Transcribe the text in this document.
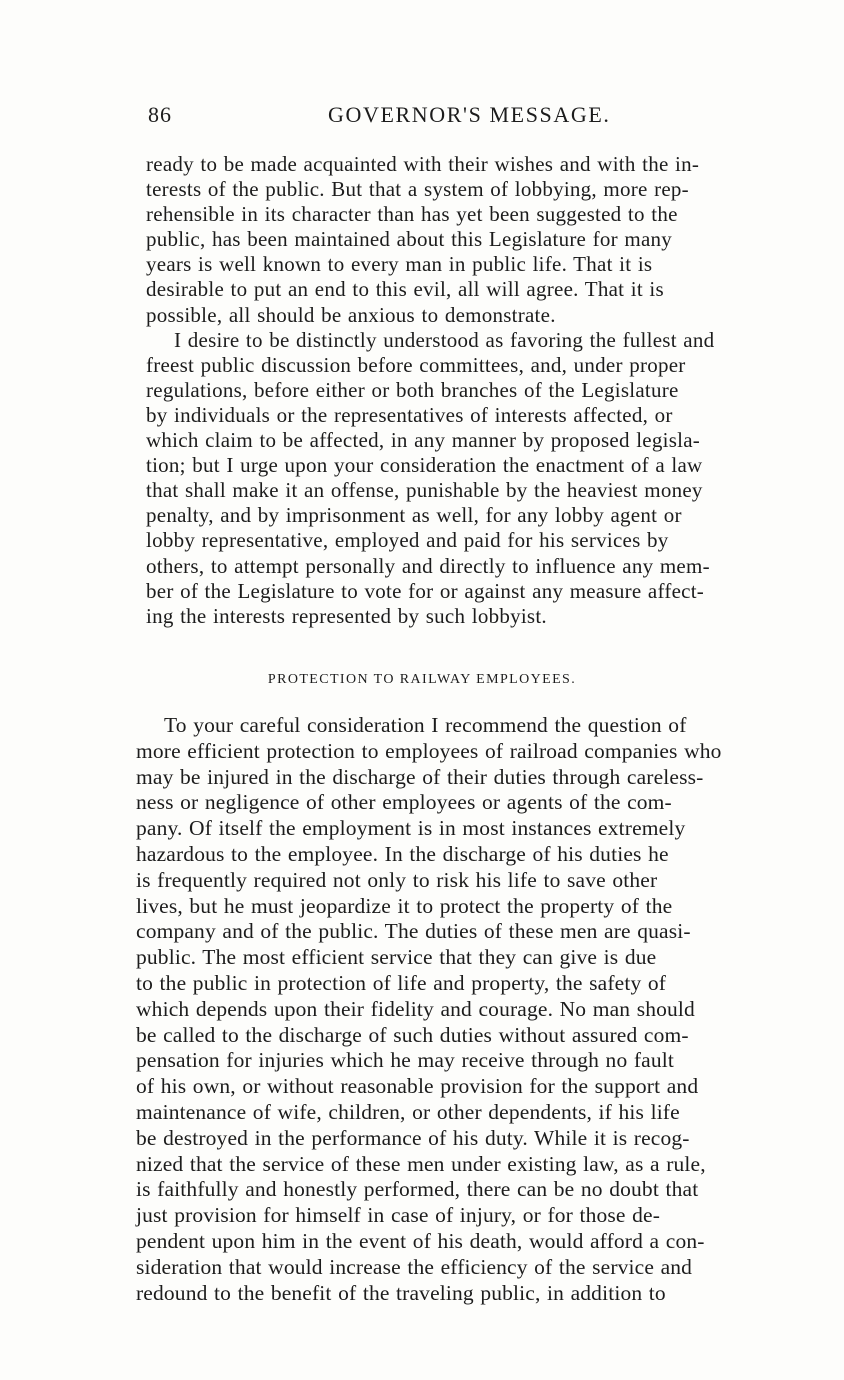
86	GOVERNOR'S MESSAGE.
ready to be made acquainted with their wishes and with the in-
terests of the public. But that a system of lobbying, more rep-
rehensible in its character than has yet been suggested to the
public, has been maintained about this Legislature for many
years is well known to every man in public life. That it is
desirable to put an end to this evil, all will agree. That it is
possible, all should be anxious to demonstrate.
I desire to be distinctly understood as favoring the fullest and
freest public discussion before committees, and, under proper
regulations, before either or both branches of the Legislature
by individuals or the representatives of interests affected, or
which claim to be affected, in any manner by proposed legisla-
tion; but I urge upon your consideration the enactment of a law
that shall make it an offense, punishable by the heaviest money
penalty, and by imprisonment as well, for any lobby agent or
lobby representative, employed and paid for his services by
others, to attempt personally and directly to influence any mem-
ber of the Legislature to vote for or against any measure affect-
ing the interests represented by such lobbyist.
PROTECTION TO RAILWAY EMPLOYEES.
To your careful consideration I recommend the question of
more efficient protection to employees of railroad companies who
may be injured in the discharge of their duties through careless-
ness or negligence of other employees or agents of the com-
pany. Of itself the employment is in most instances extremely
hazardous to the employee. In the discharge of his duties he
is frequently required not only to risk his life to save other
lives, but he must jeopardize it to protect the property of the
company and of the public. The duties of these men are quasi-
public. The most efficient service that they can give is due
to the public in protection of life and property, the safety of
which depends upon their fidelity and courage. No man should
be called to the discharge of such duties without assured com-
pensation for injuries which he may receive through no fault
of his own, or without reasonable provision for the support and
maintenance of wife, children, or other dependents, if his life
be destroyed in the performance of his duty. While it is recog-
nized that the service of these men under existing law, as a rule,
is faithfully and honestly performed, there can be no doubt that
just provision for himself in case of injury, or for those de-
pendent upon him in the event of his death, would afford a con-
sideration that would increase the efficiency of the service and
redound to the benefit of the traveling public, in addition to
